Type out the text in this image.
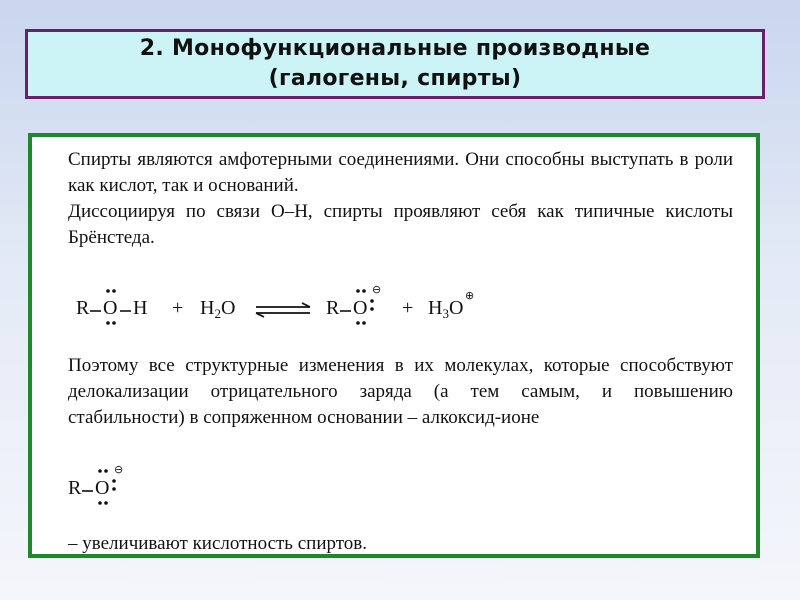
2. Монофункциональные производные
(галогены, спирты)
Спирты являются амфотерными соединениями. Они способны выступать в роли как кислот, так и оснований.
Диссоциируя по связи О–Н, спирты проявляют себя как типичные кислоты Брёнстеда.
R O $H + H_2O$ ⇌ R O
⊖
+ $H_3O$
⊕
Поэтому все структурные изменения в их молекулах, которые способствуют делокализации отрицательного заряда (а тем самым, и повышению стабильности) в сопряженном основании – алкоксид-ионе
R O
⊖
– увеличивают кислотность спиртов.
